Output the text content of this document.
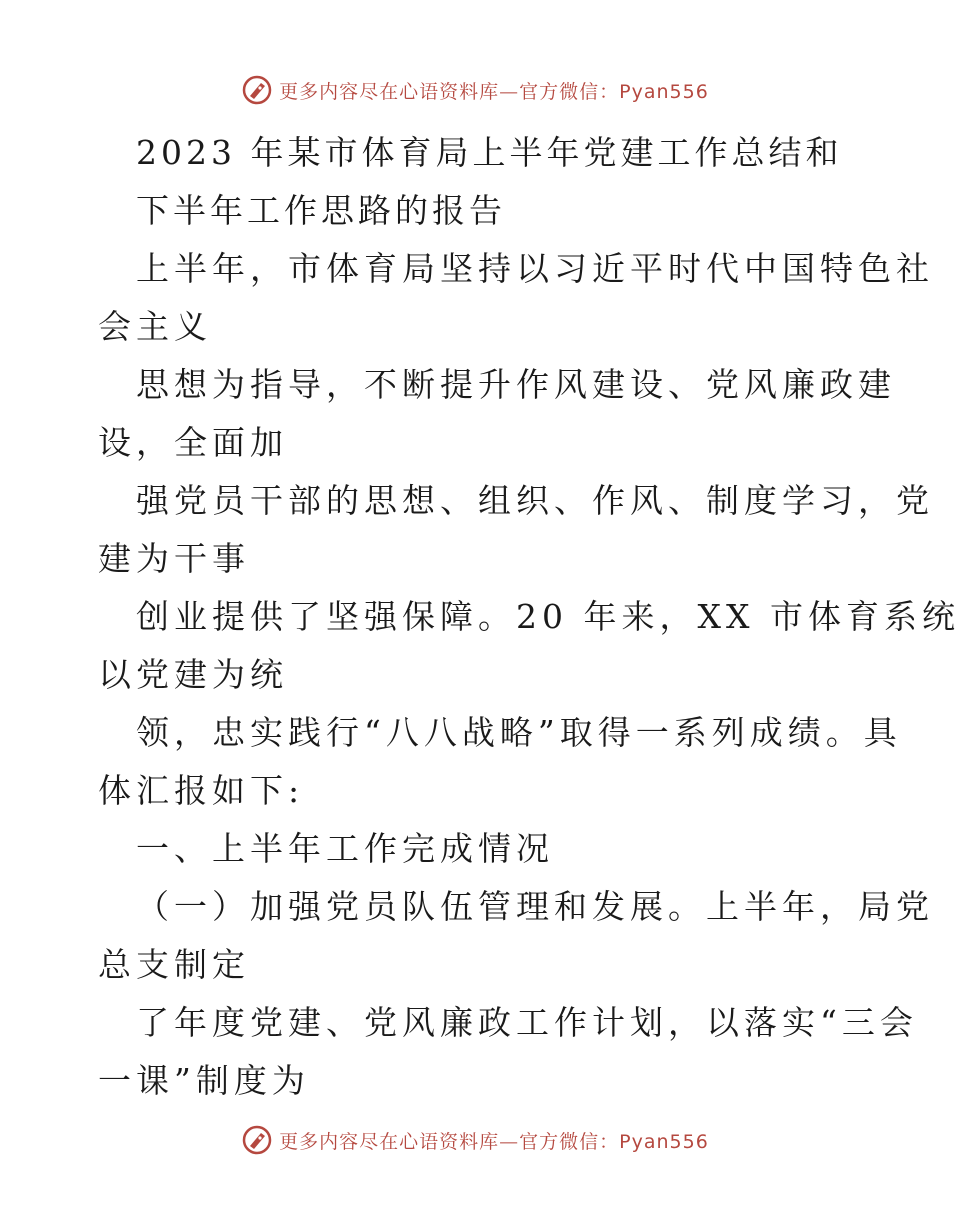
更多内容尽在心语资料库—官方微信：Pyan556
2023 年某市体育局上半年党建工作总结和
下半年工作思路的报告
上半年，市体育局坚持以习近平时代中国特色社
会主义
思想为指导，不断提升作风建设、党风廉政建
设，全面加
强党员干部的思想、组织、作风、制度学习，党
建为干事
创业提供了坚强保障。20 年来，XX 市体育系统
以党建为统
领，忠实践行“八八战略”取得一系列成绩。具
体汇报如下:
一、上半年工作完成情况
（一）加强党员队伍管理和发展。上半年，局党
总支制定
了年度党建、党风廉政工作计划，以落实“三会
一课”制度为
更多内容尽在心语资料库—官方微信：Pyan556
